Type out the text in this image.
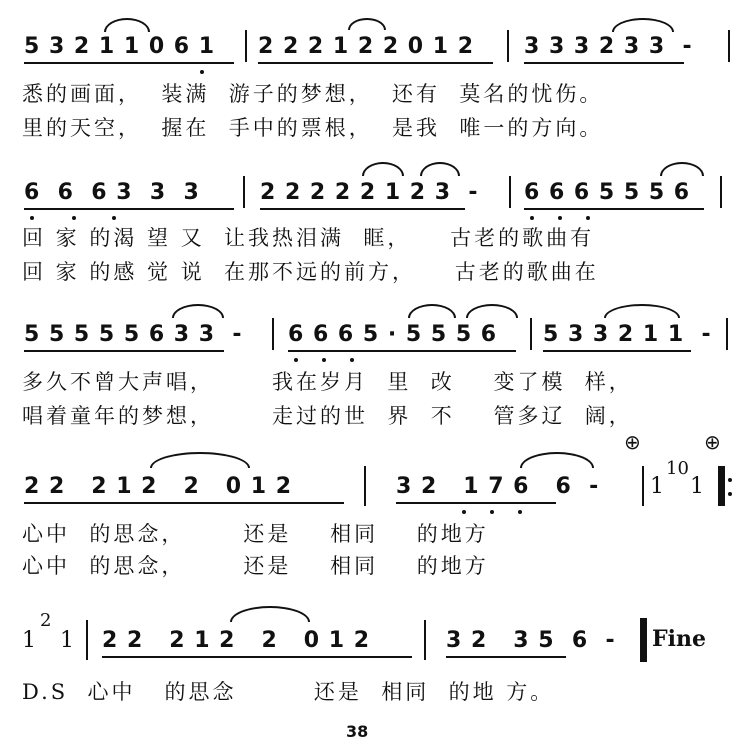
5 3 2 1 1 0 6 1 2 2 2 1 2 2 0 1 2 3 3 3 2 3 3  -
悉的画面，  装满  游子的梦想，  还有  莫名的忧伤。
里的天空，  握在  手中的票根，  是我  唯一的方向。
6  6  6 3  3  3	2 2 2 2 2 1 2 3  - 6 6 6 5 5 5 6
回 家 的渴 望 又  让我热泪满  眶，    古老的歌曲有
回 家 的感 觉 说  在那不远的前方，    古老的歌曲在
5 5 5 5 5 6 3 3  - 6 6 6 5 · 5 5 5 6 5 3 3 2 1 1  -
多久不曾大声唱，      我在岁月  里  改    变了模  样，
唱着童年的梦想，      走过的世  界  不    管多辽  阔，
⊕	⊕
2 2   2 1 2   2   0 1 2	3 2   1 7 6   6  - 1
10
1
心中  的思念，      还是    相同    的地方
心中  的思念，      还是    相同    的地方
1
2
1 2 2   2 1 2   2   0 1 2	3 2   3 5  6  - Fine
D.S  心中   的思念        还是  相同  的地 方。
38
